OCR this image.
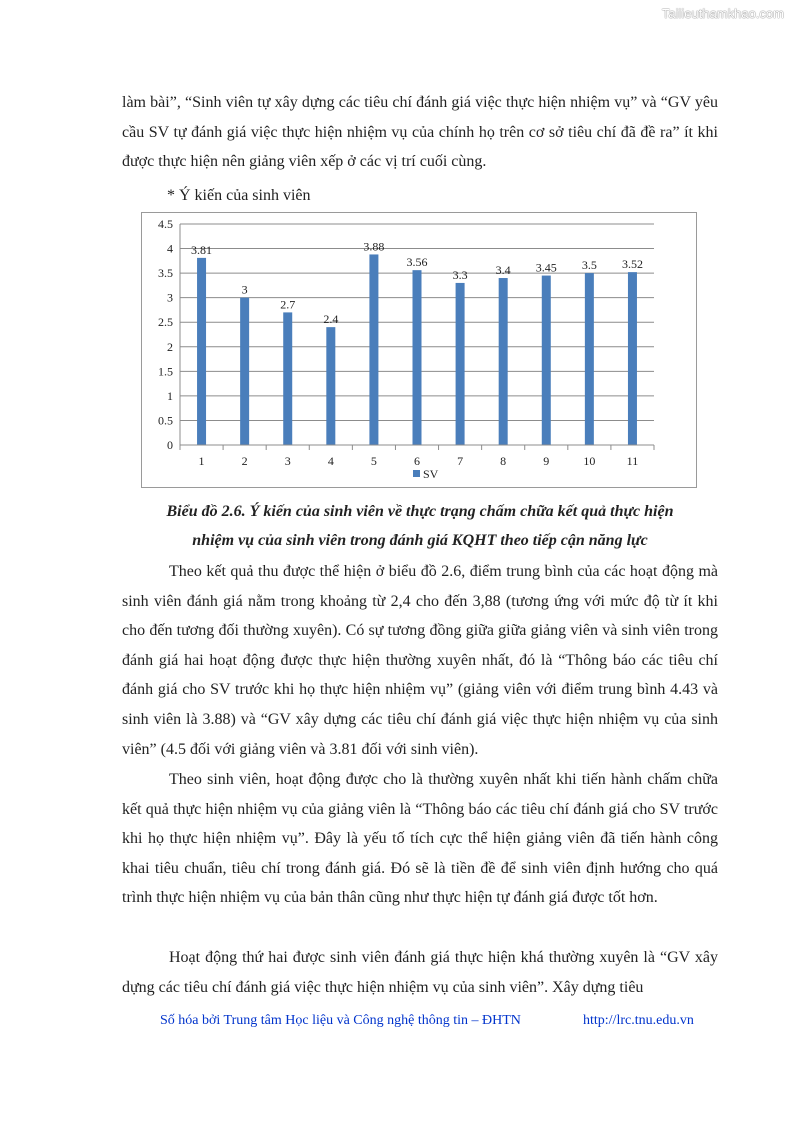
Tailieuthamkhao.com

làm bài”, “Sinh viên tự xây dựng các tiêu chí đánh giá việc thực hiện nhiệm vụ” và “GV yêu cầu SV tự đánh giá việc thực hiện nhiệm vụ của chính họ trên cơ sở tiêu chí đã đề ra” ít khi được thực hiện nên giảng viên xếp ở các vị trí cuối cùng.

* Ý kiến của sinh viên

0
0.5
1
1.5
2
2.5
3
3.5
4
4.5
3.81
1
3
2
2.7
3
2.4
4
3.88
5
3.56
6
3.3
7
3.4
8
3.45
9
3.5
10
3.52
11
SV

Biểu đồ 2.6. Ý kiến của sinh viên về thực trạng chấm chữa kết quả thực hiện

nhiệm vụ của sinh viên trong đánh giá KQHT theo tiếp cận năng lực

Theo kết quả thu được thể hiện ở biểu đồ 2.6, điểm trung bình của các hoạt động mà sinh viên đánh giá nằm trong khoảng từ 2,4 cho đến 3,88 (tương ứng với mức độ từ ít khi cho đến tương đối thường xuyên). Có sự tương đồng giữa giữa giảng viên và sinh viên trong đánh giá hai hoạt động được thực hiện thường xuyên nhất, đó là “Thông báo các tiêu chí đánh giá cho SV trước khi họ thực hiện nhiệm vụ” (giảng viên với điểm trung bình 4.43 và sinh viên là 3.88) và “GV xây dựng các tiêu chí đánh giá việc thực hiện nhiệm vụ của sinh viên” (4.5 đối với giảng viên và 3.81 đối với sinh viên).

Theo sinh viên, hoạt động được cho là thường xuyên nhất khi tiến hành chấm chữa kết quả thực hiện nhiệm vụ của giảng viên là “Thông báo các tiêu chí đánh giá cho SV trước khi họ thực hiện nhiệm vụ”. Đây là yếu tố tích cực thể hiện giảng viên đã tiến hành công khai tiêu chuẩn, tiêu chí trong đánh giá. Đó sẽ là tiền đề để sinh viên định hướng cho quá trình thực hiện nhiệm vụ của bản thân cũng như thực hiện tự đánh giá được tốt hơn.

Hoạt động thứ hai được sinh viên đánh giá thực hiện khá thường xuyên là “GV xây dựng các tiêu chí đánh giá việc thực hiện nhiệm vụ của sinh viên”. Xây dựng tiêu

Số hóa bởi Trung tâm Học liệu và Công nghệ thông tin – ĐHTN	http://lrc.tnu.edu.vn
